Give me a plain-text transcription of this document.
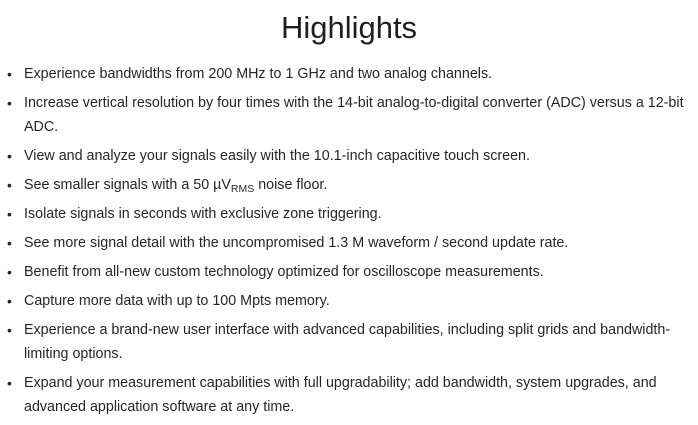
Highlights
• Experience bandwidths from 200 MHz to 1 GHz and two analog channels.
• Increase vertical resolution by four times with the 14-bit analog-to-digital converter (ADC) versus a 12-bit ADC.
• View and analyze your signals easily with the 10.1-inch capacitive touch screen.
• See smaller signals with a 50 µV$_{RMS}$ noise floor.
• Isolate signals in seconds with exclusive zone triggering.
• See more signal detail with the uncompromised 1.3 M waveform / second update rate.
• Benefit from all-new custom technology optimized for oscilloscope measurements.
• Capture more data with up to 100 Mpts memory.
• Experience a brand-new user interface with advanced capabilities, including split grids and bandwidth-limiting options.
• Expand your measurement capabilities with full upgradability; add bandwidth, system upgrades, and advanced application software at any time.
